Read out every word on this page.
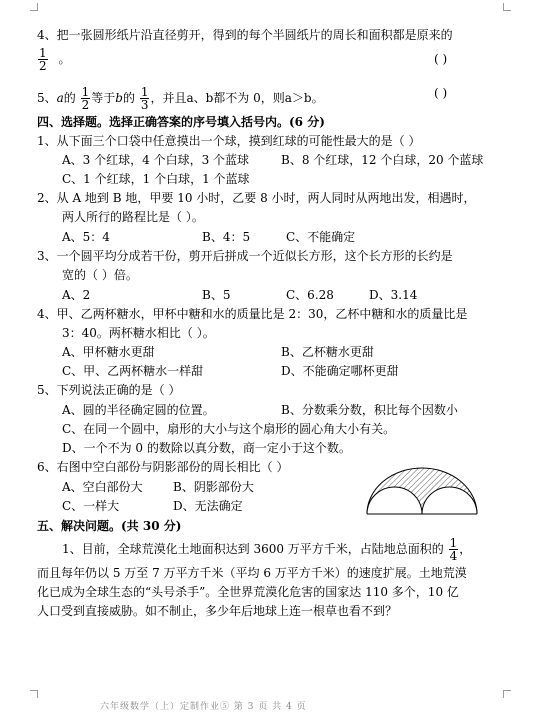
4、把一张圆形纸片沿直径剪开，得到的每个半圆纸片的周长和面积都是原来的
$\frac{1}{2}$ 。	( )
5、a的 $\frac{1}{2}$ 等于b的 $\frac{1}{3}$ ，并且a、b都不为 0，则a＞b。	( )
四、选择题。选择正确答案的序号填入括号内。(6 分)
1、从下面三个口袋中任意摸出一个球，摸到红球的可能性最大的是（ ）
A、3 个红球，4 个白球，3 个蓝球	B、8 个红球，12 个白球，20 个蓝球
C、1 个红球，1 个白球，1 个蓝球
2、从 A 地到 B 地，甲要 10 小时，乙要 8 小时，两人同时从两地出发，相遇时，
两人所行的路程比是（ ）。
A、5：4	B、4：5	C、不能确定
3、一个圆平均分成若干份，剪开后拼成一个近似长方形，这个长方形的长约是
宽的（ ）倍。
A、2	B、5	C、6.28	D、3.14
4、甲、乙两杯糖水，甲杯中糖和水的质量比是 2：30，乙杯中糖和水的质量比是
3：40。两杯糖水相比（ ）。
A、甲杯糖水更甜	B、乙杯糖水更甜
C、甲、乙两杯糖水一样甜	D、不能确定哪杯更甜
5、下列说法正确的是（ ）
A、圆的半径确定圆的位置。	B、分数乘分数，积比每个因数小
C、在同一个圆中，扇形的大小与这个扇形的圆心角大小有关。
D、一个不为 0 的数除以真分数，商一定小于这个数。
6、右图中空白部份与阴影部份的周长相比（ ）
A、空白部份大	B、阴影部份大
C、一样大	D、无法确定
五、解决问题。(共 30 分)
1、目前，全球荒漠化土地面积达到 3600 万平方千米，占陆地总面积的 $\frac{1}{4}$ ，
而且每年仍以 5 万至 7 万平方千米（平均 6 万平方千米）的速度扩展。土地荒漠
化已成为全球生态的“头号杀手”。全世界荒漠化危害的国家达 110 多个，10 亿
人口受到直接威胁。如不制止，多少年后地球上连一根草也看不到？
六年级数学（上）定制作业⑤ 第 3 页 共 4 页
